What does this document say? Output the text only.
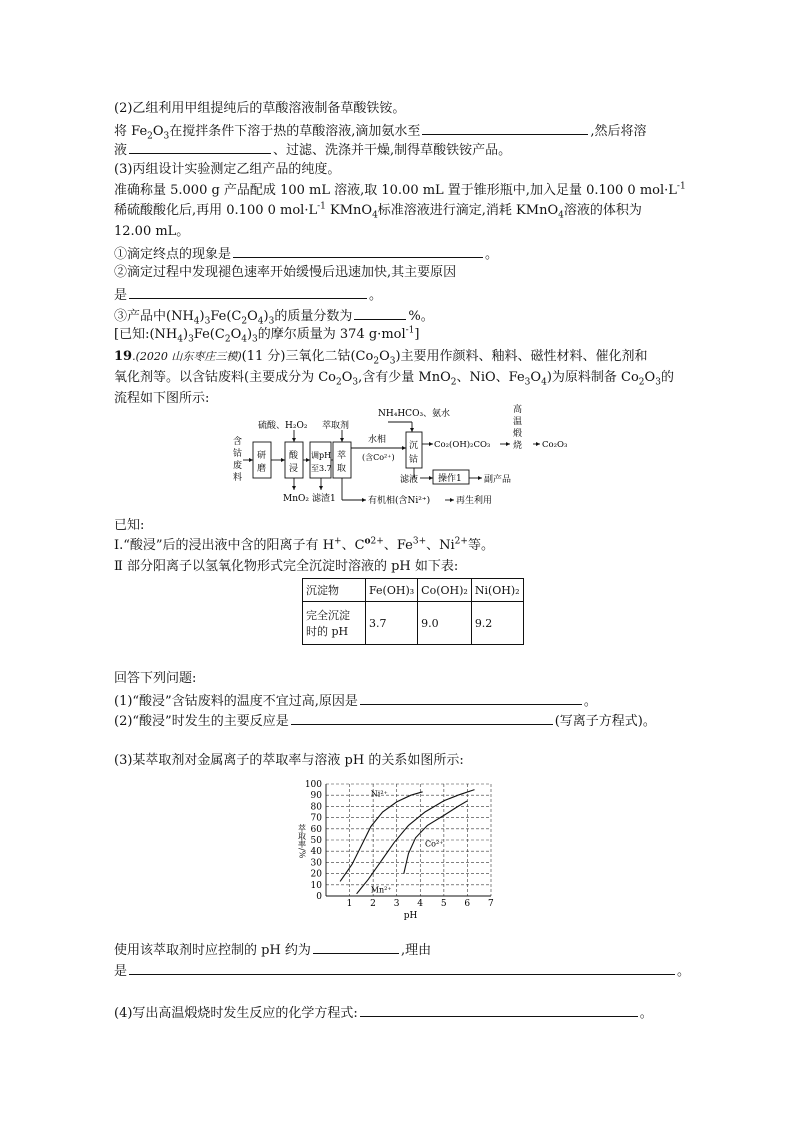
(2)乙组利用甲组提纯后的草酸溶液制备草酸铁铵。
将 $Fe_2O_3$在搅拌条件下溶于热的草酸溶液,滴加氨水至	,然后将溶
液	、过滤、洗涤并干燥,制得草酸铁铵产品。
(3)丙组设计实验测定乙组产品的纯度。
准确称量 5.000 g 产品配成 100 mL 溶液,取 10.00 mL 置于锥形瓶中,加入足量 0.100 0 $mol\cdot L^{-1}$
稀硫酸酸化后,再用 0.100 0 $mol\cdot L^{-1}$ KMnO$_4$标准溶液进行滴定,消耗 KMnO$_4$溶液的体积为
12.00 mL。
①滴定终点的现象是	。
②滴定过程中发现褪色速率开始缓慢后迅速加快,其主要原因
是	。
③产品中$(NH_4)_3Fe(C_2O_4)_3$的质量分数为	%。
[已知$:(NH_4)_3Fe(C_2O_4)_3$的摩尔质量为 374 g·mol$^{-1}$]
19.(2020 山东枣庄三模)(11 分)三氧化二钴$(Co_2O_3)$主要用作颜料、釉料、磁性材料、催化剂和
氧化剂等。以含钴废料(主要成分为 $Co_2O_3$,含有少量 MnO$_2$、NiO、$Fe_3O_4$)为原料制备 $Co_2O_3$的
流程如下图所示:
硫酸、H₂O₂ 萃取剂
NH₄HCO₃、氨水
含
钴
废
料
研
磨
酸
浸
调pH
至3.7
萃
取
水相
(含Co²⁺)
沉
钴
Co₂(OH)₂CO₃
高
温
煅
烧 Co₂O₃
MnO₂ 滤渣1
滤液 操作1 副产品
有机相(含Ni²⁺)	再生利用
已知:
Ⅰ.“酸浸”后的浸出液中含的阳离子有 H+、$C^{o2+}$、$Fe^{3+}$、$Ni^{2+}$等。
Ⅱ 部分阳离子以氢氧化物形式完全沉淀时溶液的 pH 如下表:
沉淀物	Fe(OH)₃	Co(OH)₂	Ni(OH)₂
完全沉淀
时的 pH	3.7	9.0	9.2
回答下列问题:
(1)“酸浸”含钴废料的温度不宜过高,原因是	。
(2)“酸浸”时发生的主要反应是	(写离子方程式)。
(3)某萃取剂对金属离子的萃取率与溶液 pH 的关系如图所示:
1 2 3 4 5 6 7
0
10
20
30
40
50
60
70
80
90
100
pH
萃取率/%
Ni²⁺
Co²⁺
Mn²⁺
使用该萃取剂时应控制的 pH 约为	,理由
是	。
(4)写出高温煅烧时发生反应的化学方程式:	。
